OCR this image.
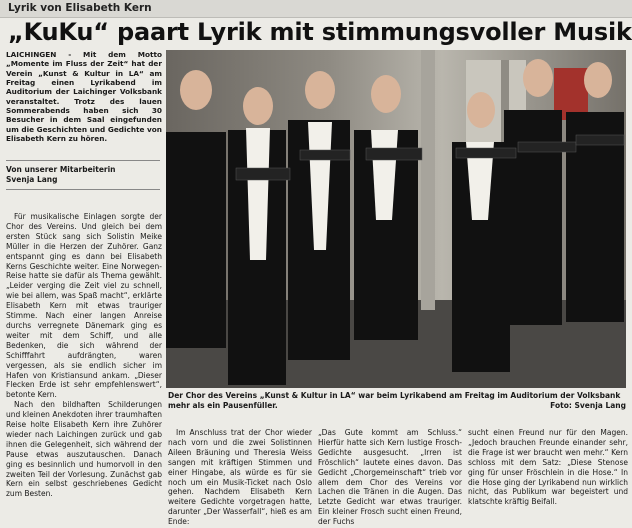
Lyrik von Elisabeth Kern
„KuKu“ paart Lyrik mit stimmungsvoller Musik
LAICHINGEN - Mit dem Motto „Momente im Fluss der Zeit“ hat der Verein „Kunst & Kultur in LA“ am Freitag einen Lyrikabend im Auditorium der Laichinger Volksbank veranstaltet. Trotz des lauen Sommerabends haben sich 30 Besucher in dem Saal eingefunden um die Geschichten und Gedichte von Elisabeth Kern zu hören.
Von unserer Mitarbeiterin
Svenja Lang

Für musikalische Einlagen sorgte der Chor des Vereins. Und gleich bei dem ersten Stück sang sich Solistin Meike Müller in die Herzen der Zuhörer. Ganz entspannt ging es dann bei Elisabeth Kerns Geschichte weiter. Eine Norwegen-Reise hatte sie dafür als Thema gewählt. „Leider verging die Zeit viel zu schnell, wie bei allem, was Spaß macht“, erklärte Elisabeth Kern mit etwas trauriger Stimme. Nach einer langen Anreise durchs verregnete Dänemark ging es weiter mit dem Schiff, und alle Bedenken, die sich während der Schifffahrt aufdrängten, waren vergessen, als sie endlich sicher im Hafen von Kristiansund ankam. „Dieser Flecken Erde ist sehr empfehlenswert“, betonte Kern.

Nach den bildhaften Schilderungen und kleinen Anekdoten ihrer traumhaften Reise holte Elisabeth Kern ihre Zuhörer wieder nach Laichingen zurück und gab ihnen die Gelegenheit, sich während der Pause etwas auszutauschen. Danach ging es besinnlich und humorvoll in den zweiten Teil der Vorlesung. Zunächst gab Kern ein selbst geschriebenes Gedicht zum Besten.

Der Chor des Vereins „Kunst & Kultur in LA“ war beim Lyrikabend am Freitag im Auditorium der Volksbank mehr als ein Pausenfüller.	Foto: Svenja Lang

Im Anschluss trat der Chor wieder nach vorn und die zwei Solistinnen Aileen Bräuning und Theresia Weiss sangen mit kräftigen Stimmen und einer Hingabe, als würde es für sie noch um ein Musik-Ticket nach Oslo gehen. Nachdem Elisabeth Kern weitere Gedichte vorgetragen hatte, darunter „Der Wasserfall“, hieß es am Ende:

„Das Gute kommt am Schluss.“ Hierfür hatte sich Kern lustige Frosch-Gedichte ausgesucht. „Irren ist Fröschlich“ lautete eines davon. Das Gedicht „Chorgemeinschaft“ trieb vor allem dem Chor des Vereins vor Lachen die Tränen in die Augen. Das Letzte Gedicht war etwas trauriger. Ein kleiner Frosch sucht einen Freund, der Fuchs

sucht einen Freund nur für den Magen. „Jedoch brauchen Freunde einander sehr, die Frage ist wer braucht wen mehr.“ Kern schloss mit dem Satz: „Diese Stenose ging für unser Fröschlein in die Hose.“ In die Hose ging der Lyrikabend nun wirklich nicht, das Publikum war begeistert und klatschte kräftig Beifall.
